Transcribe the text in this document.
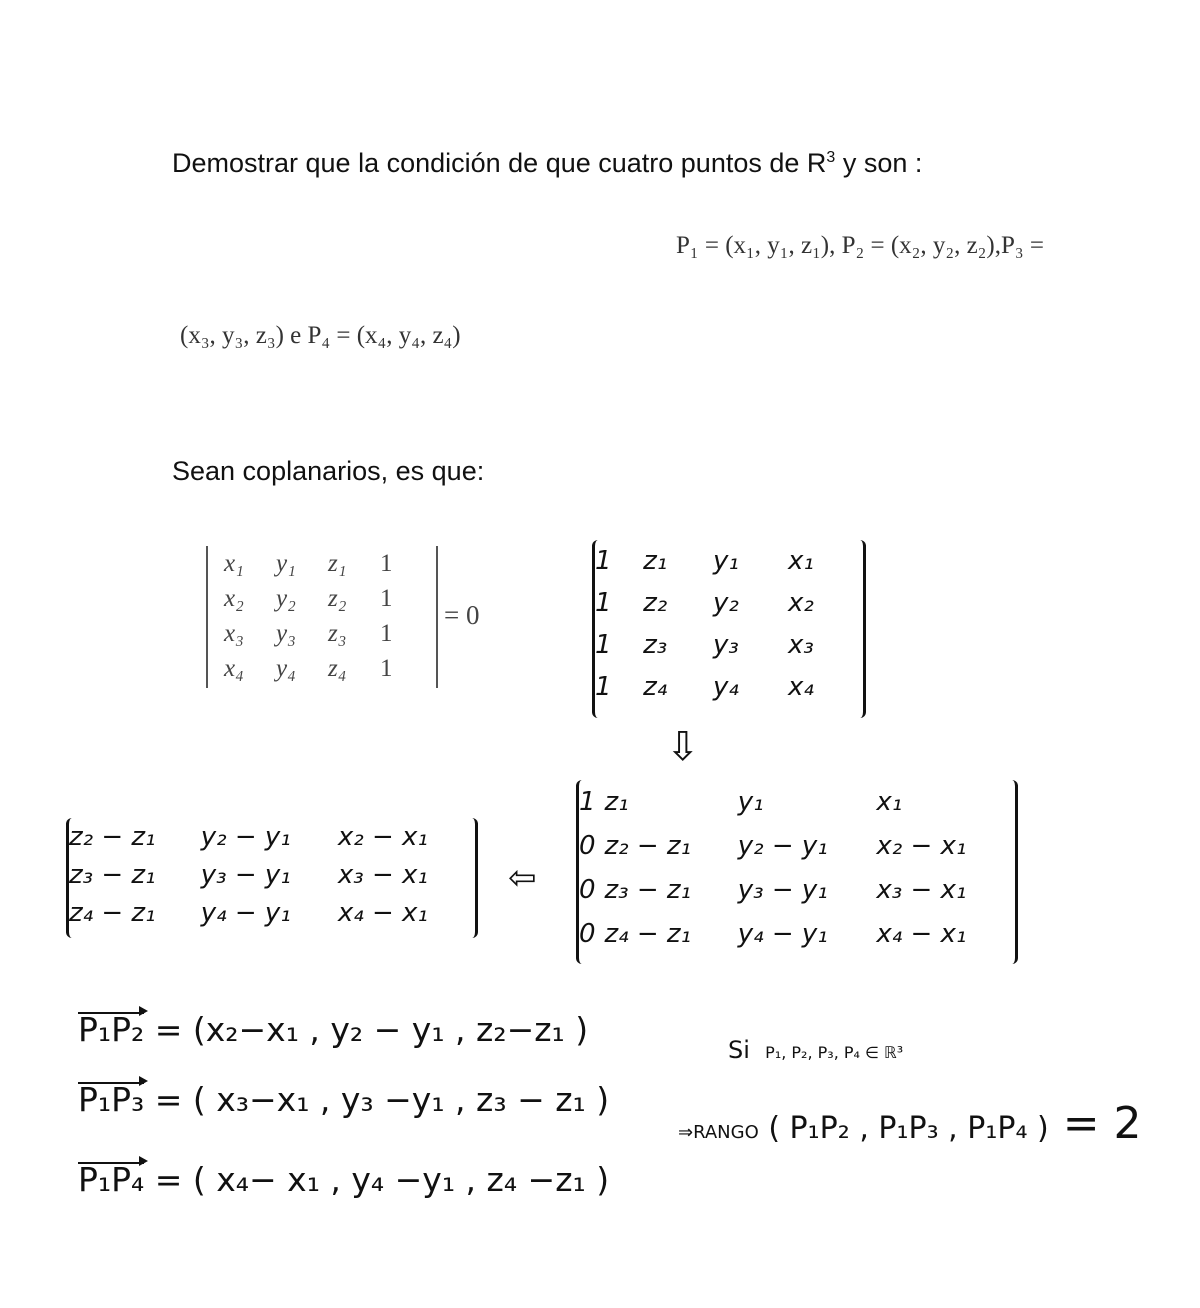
Demostrar que la condición de que cuatro puntos de $R^3$ y son :
P₁ = (x₁, y₁, z₁), P₂ = (x₂, y₂, z₂),P₃ =
(x₃, y₃, z₃) e P₄ = (x₄, y₄, z₄)
Sean coplanarios, es que:
x₁	y₁	z₁	1
x₂	y₂	z₂	1
x₃	y₃	z₃	1
x₄	y₄	z₄	1
= 0
1	z₁	y₁	x₁
1	z₂	y₂	x₂
1	z₃	y₃	x₃
1	z₄	y₄	x₄
⇩
1	z₁	y₁	x₁
0	z₂ − z₁	y₂ − y₁	x₂ − x₁
0	z₃ − z₁	y₃ − y₁	x₃ − x₁
0	z₄ − z₁	y₄ − y₁	x₄ − x₁
⇦
z₂ − z₁	y₂ − y₁	x₂ − x₁
z₃ − z₁	y₃ − y₁	x₃ − x₁
z₄ − z₁	y₄ − y₁	x₄ − x₁
P₁P₂ = (x₂−x₁ , y₂ − y₁ , z₂−z₁ )
P₁P₃ = ( x₃−x₁ , y₃ −y₁ , z₃ − z₁ )
P₁P₄ = ( x₄− x₁ , y₄ −y₁ , z₄ −z₁ )
Si P₁, P₂, P₃, P₄ ∈ ℝ³
⇒RANGO ( P₁P₂ , P₁P₃ , P₁P₄ ) = 2
